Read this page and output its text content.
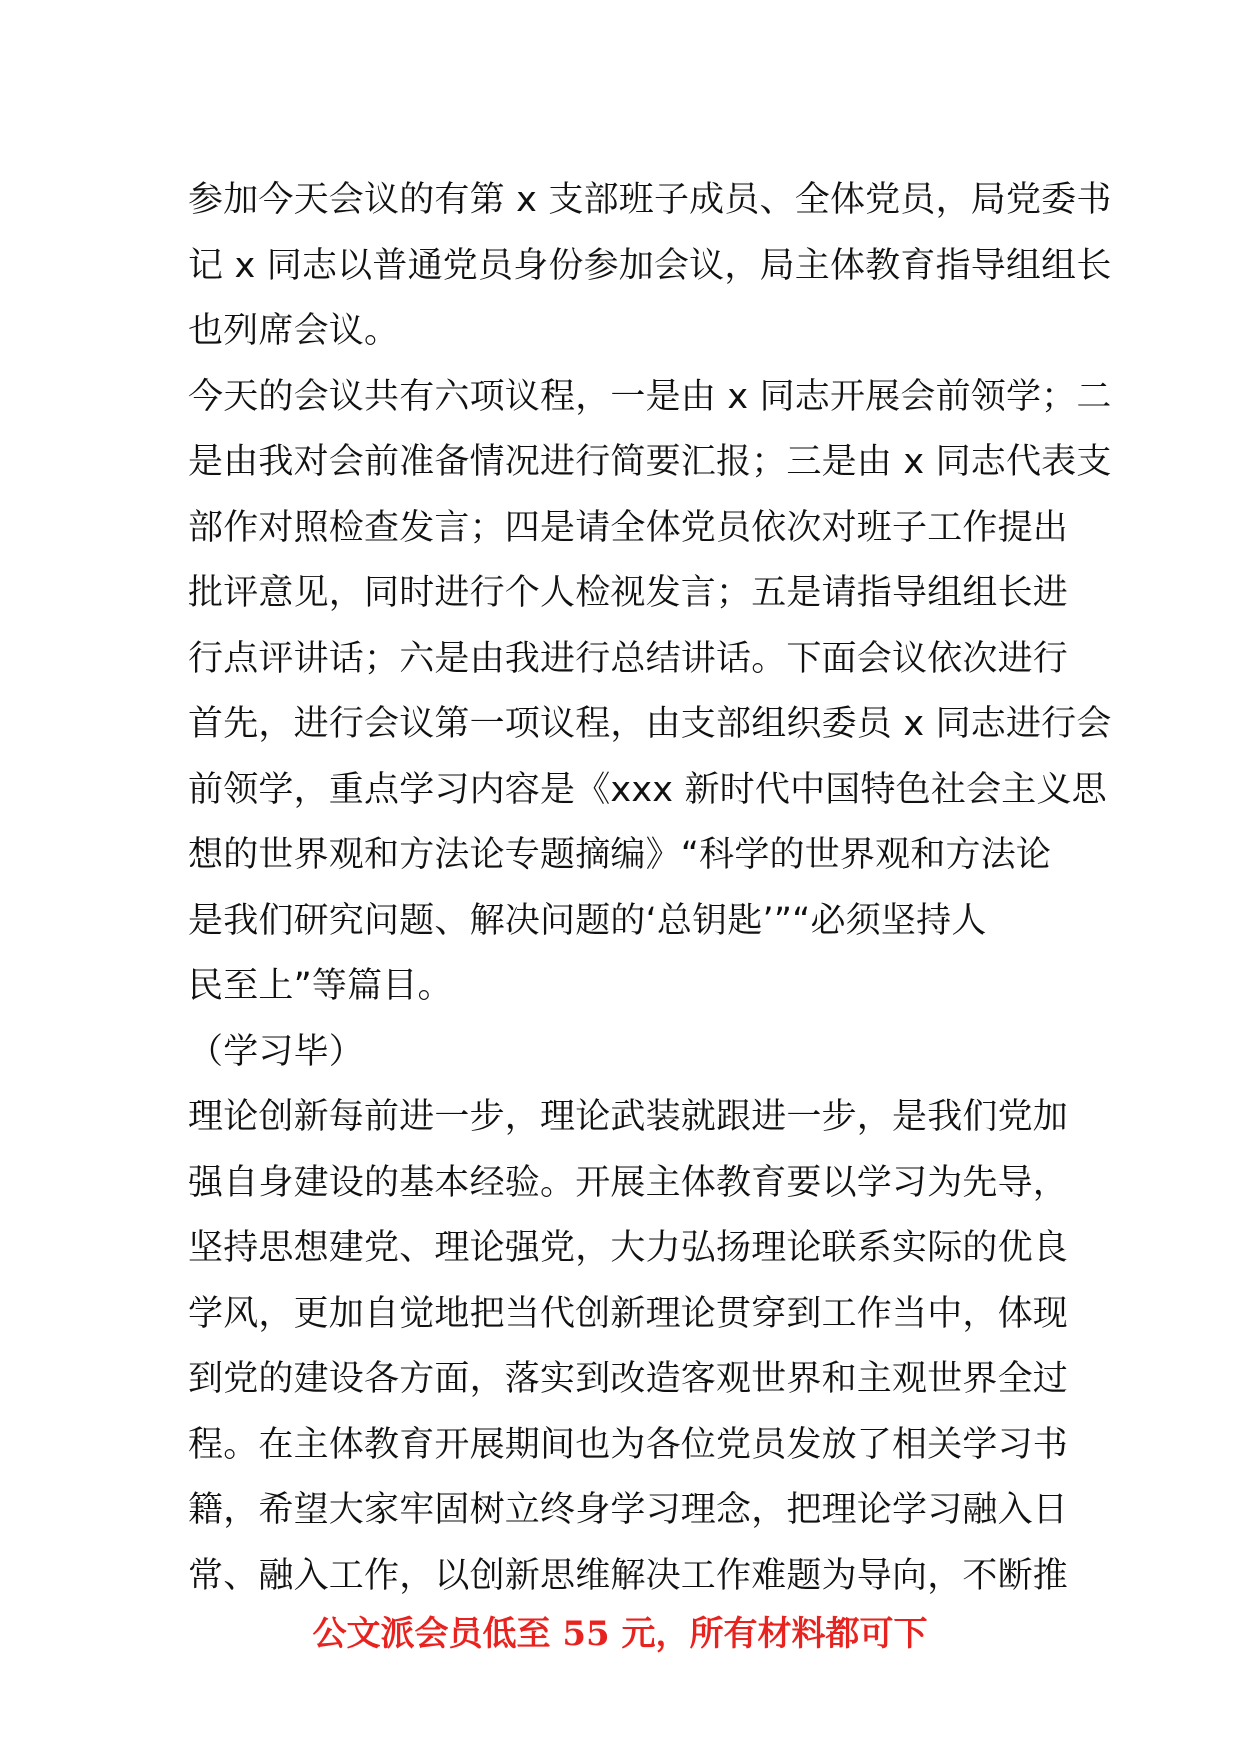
参加今天会议的有第 x 支部班子成员、全体党员，局党委书
记 x 同志以普通党员身份参加会议，局主体教育指导组组长
也列席会议。
今天的会议共有六项议程，一是由 x 同志开展会前领学；二
是由我对会前准备情况进行简要汇报；三是由 x 同志代表支
部作对照检查发言；四是请全体党员依次对班子工作提出
批评意见，同时进行个人检视发言；五是请指导组组长进
行点评讲话；六是由我进行总结讲话。下面会议依次进行
首先，进行会议第一项议程，由支部组织委员 x 同志进行会
前领学，重点学习内容是《xxx 新时代中国特色社会主义思
想的世界观和方法论专题摘编》“科学的世界观和方法论
是我们研究问题、解决问题的‘总钥匙’”“必须坚持人
民至上”等篇目。
（学习毕）
理论创新每前进一步，理论武装就跟进一步，是我们党加
强自身建设的基本经验。开展主体教育要以学习为先导，
坚持思想建党、理论强党，大力弘扬理论联系实际的优良
学风，更加自觉地把当代创新理论贯穿到工作当中，体现
到党的建设各方面，落实到改造客观世界和主观世界全过
程。在主体教育开展期间也为各位党员发放了相关学习书
籍，希望大家牢固树立终身学习理念，把理论学习融入日
常、融入工作，以创新思维解决工作难题为导向，不断推
公文派会员低至 55 元，所有材料都可下
